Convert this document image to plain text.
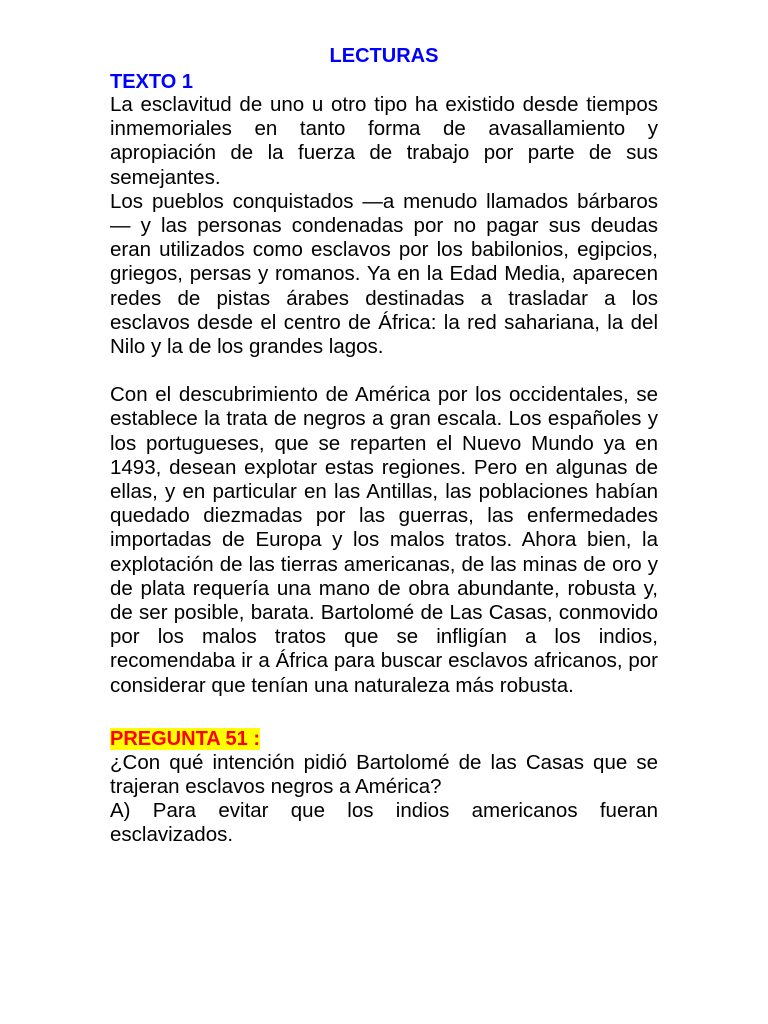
LECTURAS
TEXTO 1

La esclavitud de uno u otro tipo ha existido desde tiempos inmemoriales en tanto forma de avasallamiento y apropiación de la fuerza de trabajo por parte de sus semejantes.

Los pueblos conquistados —a menudo llamados bárbaros— y las personas condenadas por no pagar sus deudas eran utilizados como esclavos por los babilonios, egipcios, griegos, persas y romanos. Ya en la Edad Media, aparecen redes de pistas árabes destinadas a trasladar a los esclavos desde el centro de África: la red sahariana, la del Nilo y la de los grandes lagos.

Con el descubrimiento de América por los occidentales, se establece la trata de negros a gran escala. Los españoles y los portugueses, que se reparten el Nuevo Mundo ya en 1493, desean explotar estas regiones. Pero en algunas de ellas, y en particular en las Antillas, las poblaciones habían quedado diezmadas por las guerras, las enfermedades importadas de Europa y los malos tratos. Ahora bien, la explotación de las tierras americanas, de las minas de oro y de plata requería una mano de obra abundante, robusta y, de ser posible, barata. Bartolomé de Las Casas, conmovido por los malos tratos que se infligían a los indios, recomendaba ir a África para buscar esclavos africanos, por considerar que tenían una naturaleza más robusta.

PREGUNTA 51 :

¿Con qué intención pidió Bartolomé de las Casas que se trajeran esclavos negros a América?

A) Para evitar que los indios americanos fueran esclavizados.
